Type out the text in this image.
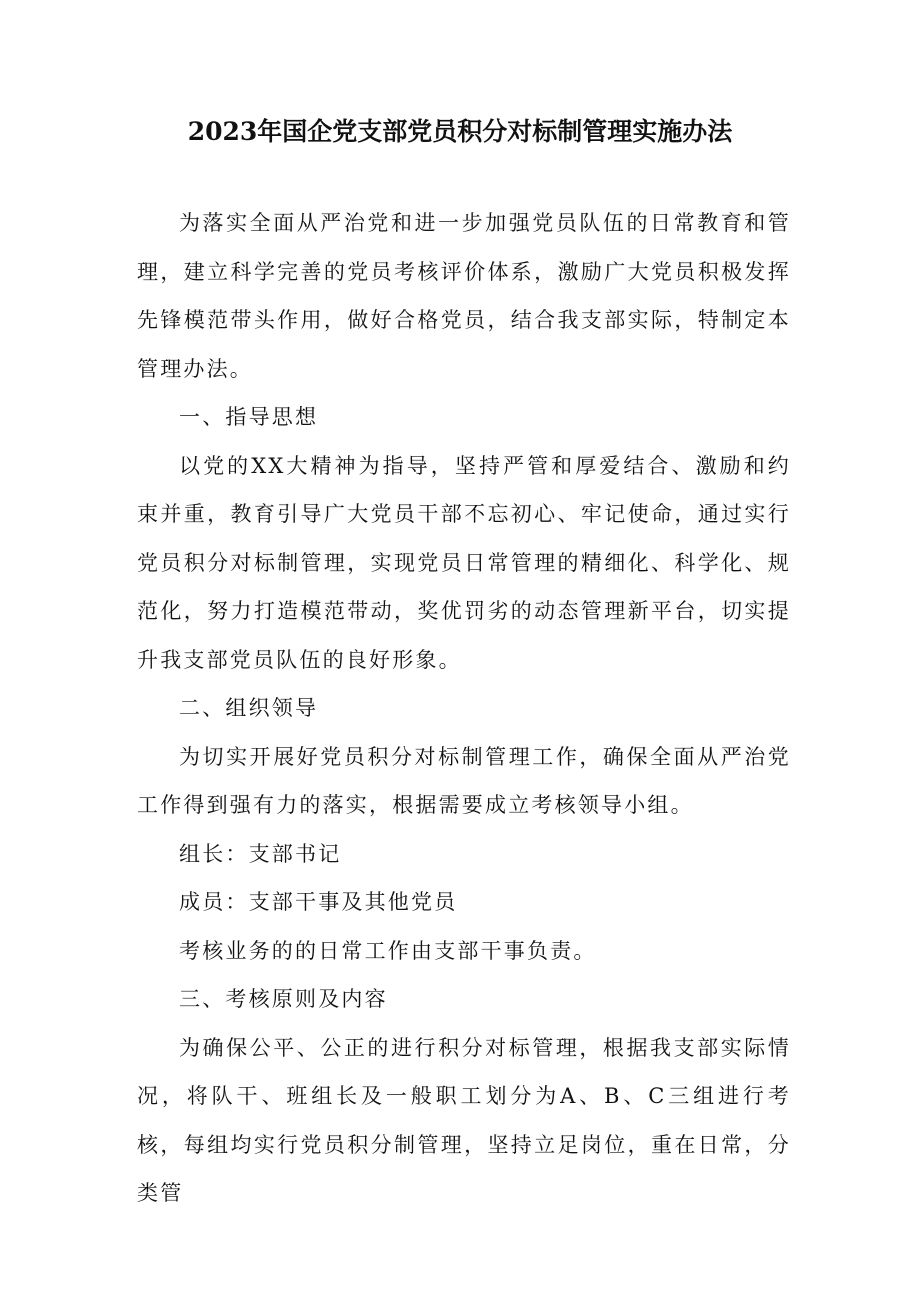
2023年国企党支部党员积分对标制管理实施办法

为落实全面从严治党和进一步加强党员队伍的日常教育和管理，建立科学完善的党员考核评价体系，激励广大党员积极发挥先锋模范带头作用，做好合格党员，结合我支部实际，特制定本管理办法。

一、指导思想

以党的XX大精神为指导，坚持严管和厚爱结合、激励和约束并重，教育引导广大党员干部不忘初心、牢记使命，通过实行党员积分对标制管理，实现党员日常管理的精细化、科学化、规范化，努力打造模范带动，奖优罚劣的动态管理新平台，切实提升我支部党员队伍的良好形象。

二、组织领导

为切实开展好党员积分对标制管理工作，确保全面从严治党工作得到强有力的落实，根据需要成立考核领导小组。

组长：支部书记

成员：支部干事及其他党员

考核业务的的日常工作由支部干事负责。

三、考核原则及内容

为确保公平、公正的进行积分对标管理，根据我支部实际情况，将队干、班组长及一般职工划分为A、B、C三组进行考核，每组均实行党员积分制管理，坚持立足岗位，重在日常，分类管
